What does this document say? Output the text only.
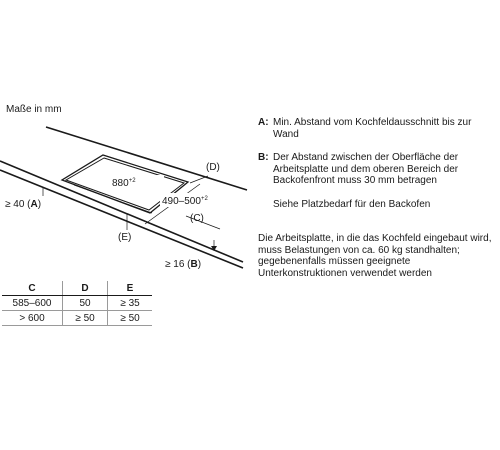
Maße in mm
$880^{+2}$
$490-500^{+2}$
(D)
(C)
(E)
≥ 40 (A)
≥ 16 (B)
C	D	E
585–600	50	≥ 35
> 600	≥ 50	≥ 50
A: Min. Abstand vom Kochfeldausschnitt bis zur Wand
B: Der Abstand zwischen der Oberfläche der Arbeitsplatte und dem oberen Bereich der Backofenfront muss 30 mm betragen
Siehe Platzbedarf für den Backofen

Die Arbeitsplatte, in die das Kochfeld eingebaut wird, muss Belastungen von ca. 60 kg standhalten; gegebenenfalls müssen geeignete Unterkonstruktionen verwendet werden
